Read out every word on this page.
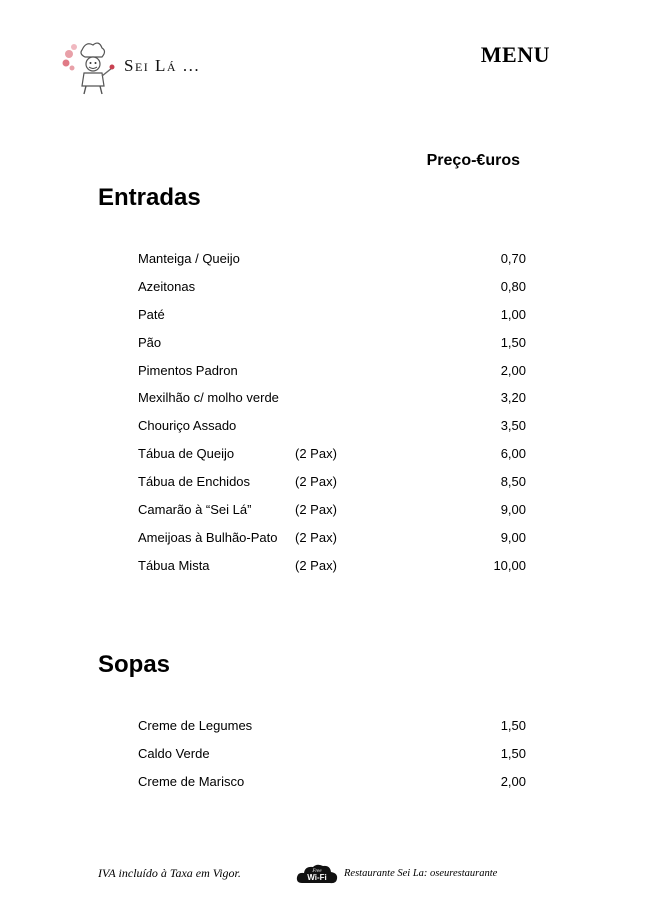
Sei Lá ...	MENU
Preço-€uros
Entradas
Manteiga / Queijo	0,70
Azeitonas	0,80
Paté	1,00
Pão	1,50
Pimentos Padron	2,00
Mexilhão c/ molho verde	3,20
Chouriço Assado	3,50
Tábua de Queijo	(2 Pax)	6,00
Tábua de Enchidos	(2 Pax)	8,50
Camarão à “Sei Lá”	(2 Pax)	9,00
Ameijoas à Bulhão-Pato (2 Pax)	9,00
Tábua Mista	(2 Pax)	10,00
Sopas
Creme de Legumes	1,50
Caldo Verde	1,50
Creme de Marisco	2,00
IVA incluído à Taxa em Vigor.	Free
Wi-Fi Restaurante Sei La: oseurestaurante
